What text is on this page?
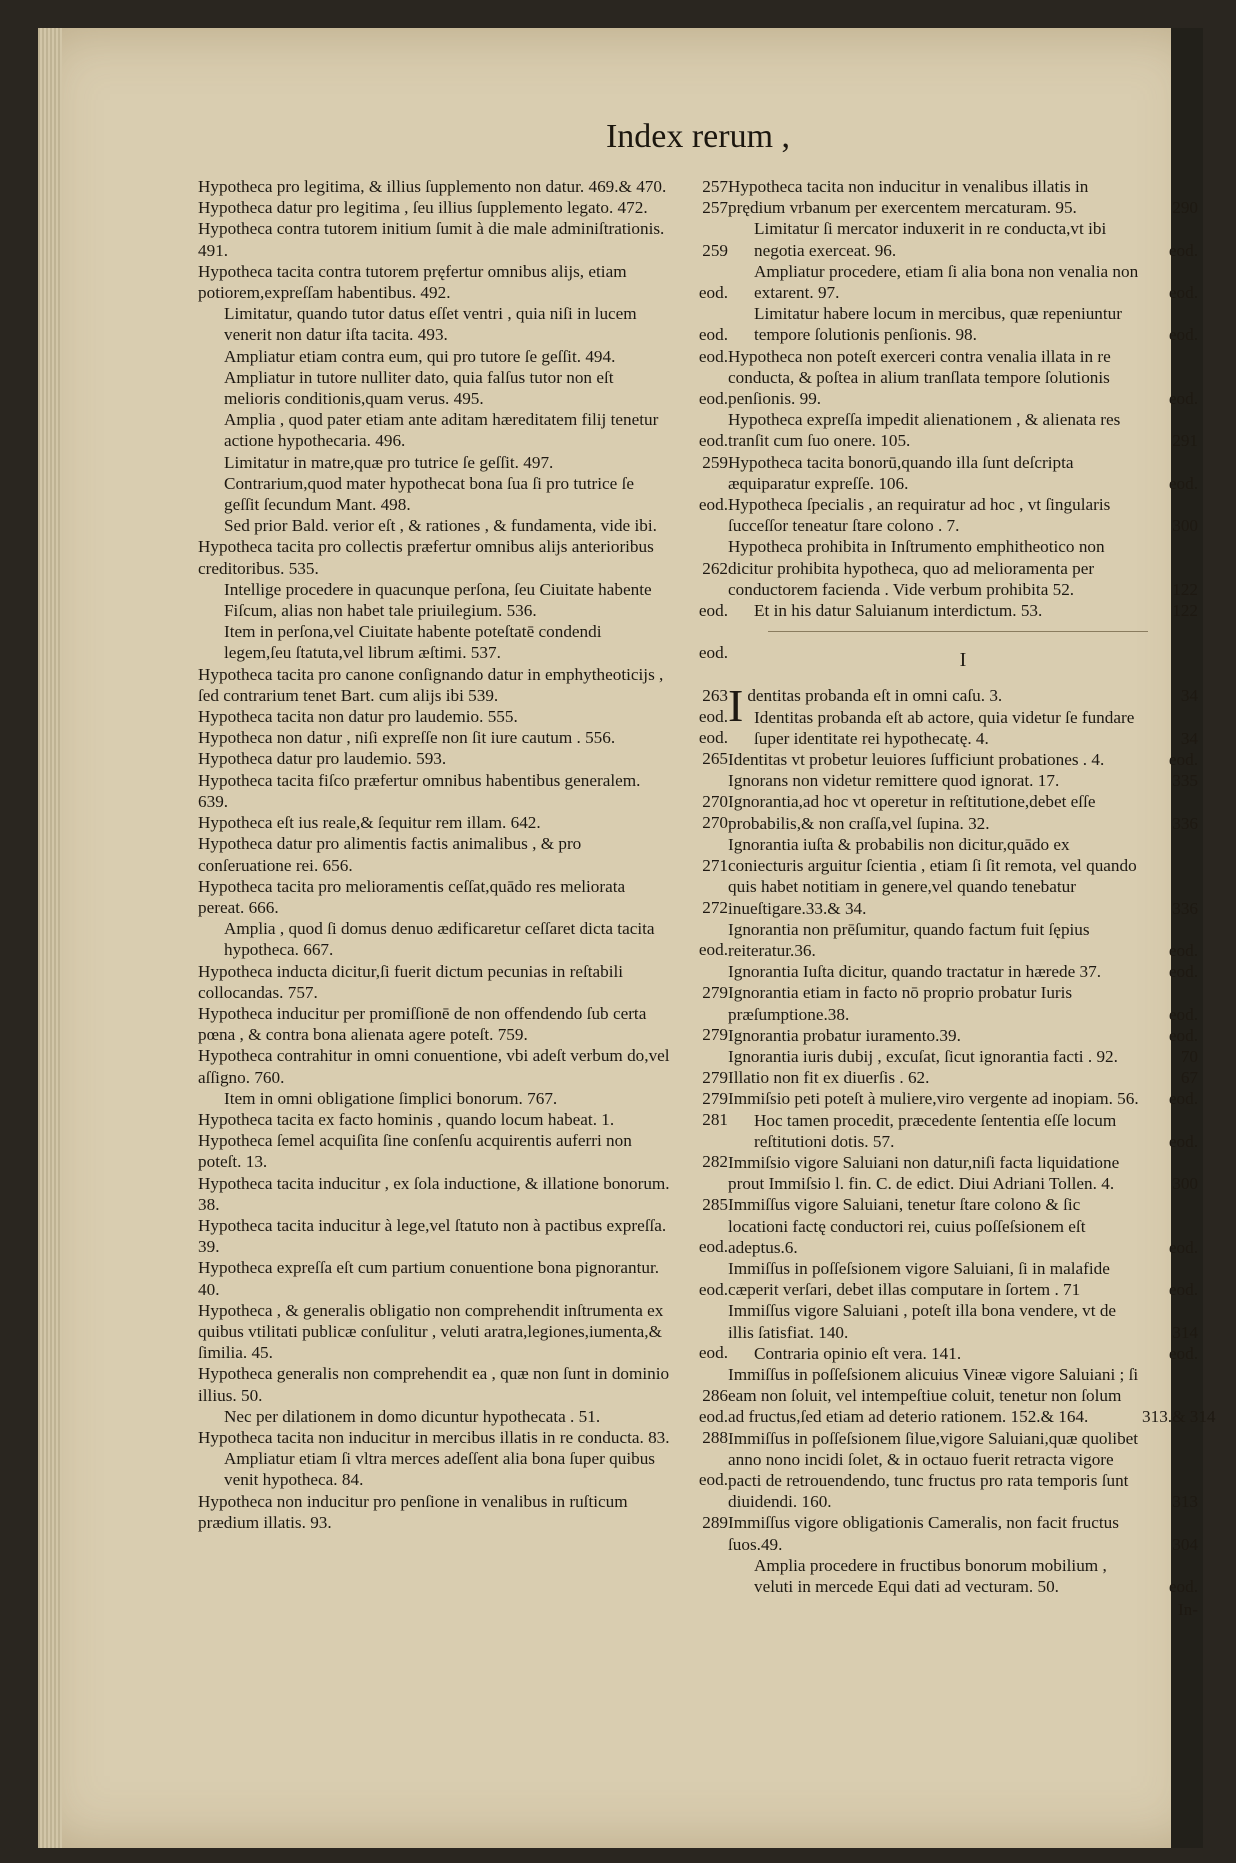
Index rerum ,
Hypotheca pro legitima, & illius ſupplemento non datur. 469.& 470.	257
Hypotheca datur pro legitima , ſeu illius ſupplemento legato. 472.	257
Hypotheca contra tutorem initium ſumit à die male adminiſtrationis. 491.	259
Hypotheca tacita contra tutorem pręfertur omnibus alijs, etiam potiorem,expreſſam habentibus. 492.	eod.
Limitatur, quando tutor datus eſſet ventri , quia niſi in lucem venerit non datur iſta tacita. 493.	eod.
Ampliatur etiam contra eum, qui pro tutore ſe geſſit. 494.	eod.
Ampliatur in tutore nulliter dato, quia falſus tutor non eſt melioris conditionis,quam verus. 495.	eod.
Amplia , quod pater etiam ante aditam hæreditatem filij tenetur actione hypothecaria. 496.	eod.
Limitatur in matre,quæ pro tutrice ſe geſſit. 497.	259
Contrarium,quod mater hypothecat bona ſua ſi pro tutrice ſe geſſit ſecundum Mant. 498.	eod.
Sed prior Bald. verior eſt , & rationes , & fundamenta, vide ibi.
Hypotheca tacita pro collectis præfertur omnibus alijs anterioribus creditoribus. 535.	262
Intellige procedere in quacunque perſona, ſeu Ciuitate habente Fiſcum, alias non habet tale priuilegium. 536.	eod.
Item in perſona,vel Ciuitate habente poteſtatē condendi legem,ſeu ſtatuta,vel librum æſtimi. 537.	eod.
Hypotheca tacita pro canone conſignando datur in emphytheoticijs , ſed contrarium tenet Bart. cum alijs ibi 539.	263
Hypotheca tacita non datur pro laudemio. 555.	eod.
Hypotheca non datur , niſi expreſſe non ſit iure cautum . 556.	eod.
Hypotheca datur pro laudemio. 593.	265
Hypotheca tacita fiſco præfertur omnibus habentibus generalem. 639.	270
Hypotheca eſt ius reale,& ſequitur rem illam. 642.	270
Hypotheca datur pro alimentis factis animalibus , & pro conſeruatione rei. 656.	271
Hypotheca tacita pro melioramentis ceſſat,quādo res meliorata pereat. 666.	272
Amplia , quod ſi domus denuo ædificaretur ceſſaret dicta tacita hypotheca. 667.	eod.
Hypotheca inducta dicitur,ſi fuerit dictum pecunias in reſtabili collocandas. 757.	279
Hypotheca inducitur per promiſſionē de non offendendo ſub certa pœna , & contra bona alienata agere poteſt. 759.	279
Hypotheca contrahitur in omni conuentione, vbi adeſt verbum do,vel aſſigno. 760.	279
Item in omni obligatione ſimplici bonorum. 767.	279
Hypotheca tacita ex facto hominis , quando locum habeat. 1.	281
Hypotheca ſemel acquiſita ſine conſenſu acquirentis auferri non poteſt. 13.	282
Hypotheca tacita inducitur , ex ſola inductione, & illatione bonorum. 38.	285
Hypotheca tacita inducitur à lege,vel ſtatuto non à pactibus expreſſa. 39.	eod.
Hypotheca expreſſa eſt cum partium conuentione bona pignorantur. 40.	eod.
Hypotheca , & generalis obligatio non comprehendit inſtrumenta ex quibus vtilitati publicæ conſulitur , veluti aratra,legiones,iumenta,& ſimilia. 45.	eod.
Hypotheca generalis non comprehendit ea , quæ non ſunt in dominio illius. 50.	286
Nec per dilationem in domo dicuntur hypothecata . 51.	eod.
Hypotheca tacita non inducitur in mercibus illatis in re conducta. 83.	288
Ampliatur etiam ſi vltra merces adeſſent alia bona ſuper quibus venit hypotheca. 84.	eod.
Hypotheca non inducitur pro penſione in venalibus in ruſticum prædium illatis. 93.	289
Hypotheca tacita non inducitur in venalibus illatis in prędium vrbanum per exercentem mercaturam. 95.	290
Limitatur ſi mercator induxerit in re conducta,vt ibi negotia exerceat. 96.	eod.
Ampliatur procedere, etiam ſi alia bona non venalia non extarent. 97.	eod.
Limitatur habere locum in mercibus, quæ repeniuntur tempore ſolutionis penſionis. 98.	eod.
Hypotheca non poteſt exerceri contra venalia illata in re conducta, & poſtea in alium tranſlata tempore ſolutionis penſionis. 99.	eod.
Hypotheca expreſſa impedit alienationem , & alienata res tranſit cum ſuo onere. 105.	291
Hypotheca tacita bonorū,quando illa ſunt deſcripta æquiparatur expreſſe. 106.	eod.
Hypotheca ſpecialis , an requiratur ad hoc , vt ſingularis ſucceſſor teneatur ſtare colono . 7.	300
Hypotheca prohibita in Inſtrumento emphitheotico non dicitur prohibita hypotheca, quo ad melioramenta per conductorem facienda . Vide verbum prohibita 52.	122
Et in his datur Saluianum interdictum. 53.	122
I
Identitas probanda eſt in omni caſu. 3.	34
Identitas probanda eſt ab actore, quia videtur ſe fundare ſuper identitate rei hypothecatę. 4.	34
Identitas vt probetur leuiores ſufficiunt probationes . 4.	eod.
Ignorans non videtur remittere quod ignorat. 17.	335
Ignorantia,ad hoc vt operetur in reſtitutione,debet eſſe probabilis,& non craſſa,vel ſupina. 32.	336
Ignorantia iuſta & probabilis non dicitur,quādo ex coniecturis arguitur ſcientia , etiam ſi ſit remota, vel quando quis habet notitiam in genere,vel quando tenebatur inueſtigare.33.& 34.	336
Ignorantia non prēſumitur, quando factum fuit ſępius reiteratur.36.	eod.
Ignorantia Iuſta dicitur, quando tractatur in hærede 37.	eod.
Ignorantia etiam in facto nō proprio probatur Iuris præſumptione.38.	eod.
Ignorantia probatur iuramento.39.	eod.
Ignorantia iuris dubij , excuſat, ſicut ignorantia facti . 92.	70
Illatio non fit ex diuerſis . 62.	67
Immiſsio peti poteſt à muliere,viro vergente ad inopiam. 56.	eod.
Hoc tamen procedit, præcedente ſententia eſſe locum reſtitutioni dotis. 57.	eod.
Immiſsio vigore Saluiani non datur,niſi facta liquidatione prout Immiſsio l. fin. C. de edict. Diui Adriani Tollen. 4.	300
Immiſſus vigore Saluiani, tenetur ſtare colono & ſic locationi factę conductori rei, cuius poſſeſsionem eſt adeptus.6.	eod.
Immiſſus in poſſeſsionem vigore Saluiani, ſi in malafide cæperit verſari, debet illas computare in ſortem . 71	eod.
Immiſſus vigore Saluiani , poteſt illa bona vendere, vt de illis ſatisfiat. 140.	314
Contraria opinio eſt vera. 141.	eod.
Immiſſus in poſſeſsionem alicuius Vineæ vigore Saluiani ; ſi eam non ſoluit, vel intempeſtiue coluit, tenetur non ſolum ad fructus,ſed etiam ad deterio rationem. 152.& 164.	313.& 314
Immiſſus in poſſeſsionem ſilue,vigore Saluiani,quæ quolibet anno nono incidi ſolet, & in octauo fuerit retracta vigore pacti de retrouendendo, tunc fructus pro rata temporis ſunt diuidendi. 160.	313
Immiſſus vigore obligationis Cameralis, non facit fructus ſuos.49.	304
Amplia procedere in fructibus bonorum mobilium , veluti in mercede Equi dati ad vecturam. 50.	eod.
In-
